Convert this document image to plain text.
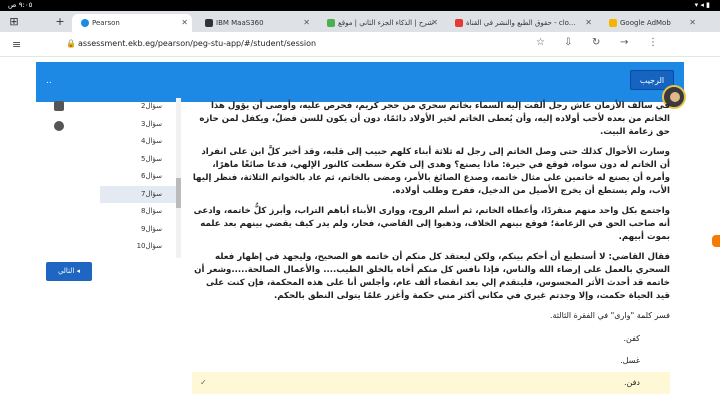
٩:٠٥ ص	▾ ◂ ▮
⊞	+	Google AdMob ✕
حقوق الطبع والنشر في القناة - clo... ✕
شرح | الذكاء الجزء الثاني | موقع
✕
IBM MaaS360	✕
Pearson	✕
≡	🔒 assessment.ekb.eg/pearson/peg-stu-app/#/student/session	☆ ⇩ ↻ → ⋮
..	الرجيب
سؤال2
سؤال3
سؤال4
سؤال5
سؤال6
سؤال7
سؤال8
سؤال9
سؤال10
التالي ◂

في سالف الأزمان عاش رجل ألقت إليه السماء بخاتم سحري من حجر كريم، فحرص عليه، وأوصى أن يؤول هذا الخاتم من بعده لأحب أولاده إليه، وأن يُعطى الخاتم لخير الأولاد دائمًا، دون أن يكون للسن فضلٌ، ويكفل لمن حازه حق زعامة البيت.

وسارت الأحوال كذلك حتى وصل الخاتم إلى رجل له ثلاثة أبناء كلهم حبيب إلى قلبه، وقد أخبر كلَّ ابن على انفراد أن الخاتم له دون سواه، فوقع في حيرة: ماذا يصنع؟ وهدى إلى فكرة سطعت كالنور الإلهي، فدعا صائغًا ماهرًا، وأمره أن يصنع له خاتمين على مثال خاتمه، وصدع الصائغ بالأمر، ومضى بالخاتم، ثم عاد بالخواتم الثلاثة، فنظر إليها الأب، ولم يستطع أن يخرج الأصيل من الدخيل، ففرح وطلب أولاده.

واجتمع بكل واحد منهم منفردًا، وأعطاه الخاتم، ثم أسلم الروح، ووارى الأبناء أباهم التراب، وأبرز كلُّ خاتمه، وادعى أنه صاحب الحق في الزعامة؛ فوقع بينهم الخلاف، وذهبوا إلى القاضي، فحار، ولم يدر كيف يقضي بينهم بعد علمه بموت أبيهم.

فقال القاضي: لا أستطيع أن أحكم بينكم، ولكن ليعتقد كل منكم أن خاتمه هو الصحيح، وليجهد في إظهار فعله السحري بالعمل على إرضاء الله والناس، فإذا نافس كل منكم أخاه بالخلق الطيب.... والأعمال الصالحة.....وشعر أن خاتمه قد أحدث الأثر المحسوس، فليتقدم إلي بعد انقضاء ألف عام، وأجلس أنا على هذه المحكمة، فإن كنت على قيد الحياة حكمت، وإلا وجدتم غيري في مكاني أكثر مني حكمة وأغزر علمًا يتولى النطق بالحكم.

فسر كلمة "وارى" في الفقرة الثالثة.

كفن.
غسل.
دفن.
✓
